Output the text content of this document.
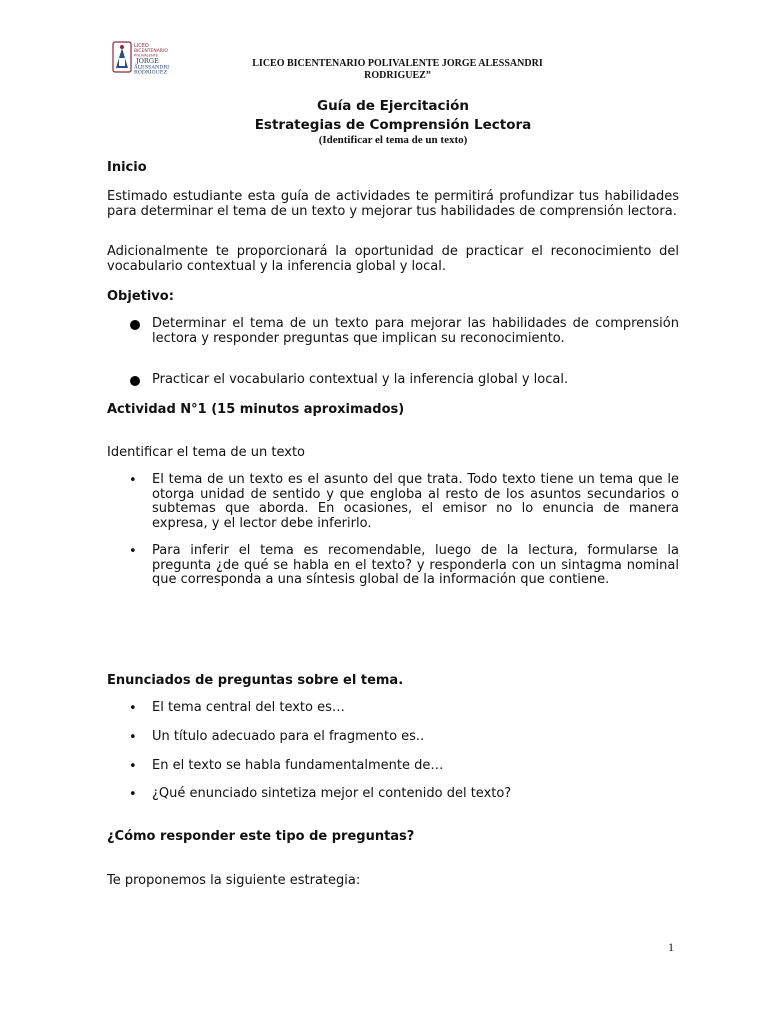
LICEO
BICENTENARIO
POLIVALENTE
JORGE
ALESSANDRI
RODRIGUEZ
LICEO BICENTENARIO POLIVALENTE JORGE ALESSANDRI
RODRIGUEZ”
Guía de Ejercitación
Estrategias de Comprensión Lectora
(Identificar el tema de un texto)
Inicio

Estimado estudiante esta guía de actividades te permitirá profundizar tus habilidades para determinar el tema de un texto y mejorar tus habilidades de comprensión lectora.

Adicionalmente te proporcionará la oportunidad de practicar el reconocimiento del vocabulario contextual y la inferencia global y local.

Objetivo:
Determinar el tema de un texto para mejorar las habilidades de comprensión lectora y responder preguntas que implican su reconocimiento.
Practicar el vocabulario contextual y la inferencia global y local.
Actividad N°1 (15 minutos aproximados)
Identificar el tema de un texto
• El tema de un texto es el asunto del que trata. Todo texto tiene un tema que le otorga unidad de sentido y que engloba al resto de los asuntos secundarios o subtemas que aborda. En ocasiones, el emisor no lo enuncia de manera expresa, y el lector debe inferirlo.
• Para inferir el tema es recomendable, luego de la lectura, formularse la pregunta ¿de qué se habla en el texto? y responderla con un sintagma nominal que corresponda a una síntesis global de la información que contiene.
Enunciados de preguntas sobre el tema.
• El tema central del texto es…
• Un título adecuado para el fragmento es..
• En el texto se habla fundamentalmente de…
• ¿Qué enunciado sintetiza mejor el contenido del texto?
¿Cómo responder este tipo de preguntas?
Te proponemos la siguiente estrategia:
1
